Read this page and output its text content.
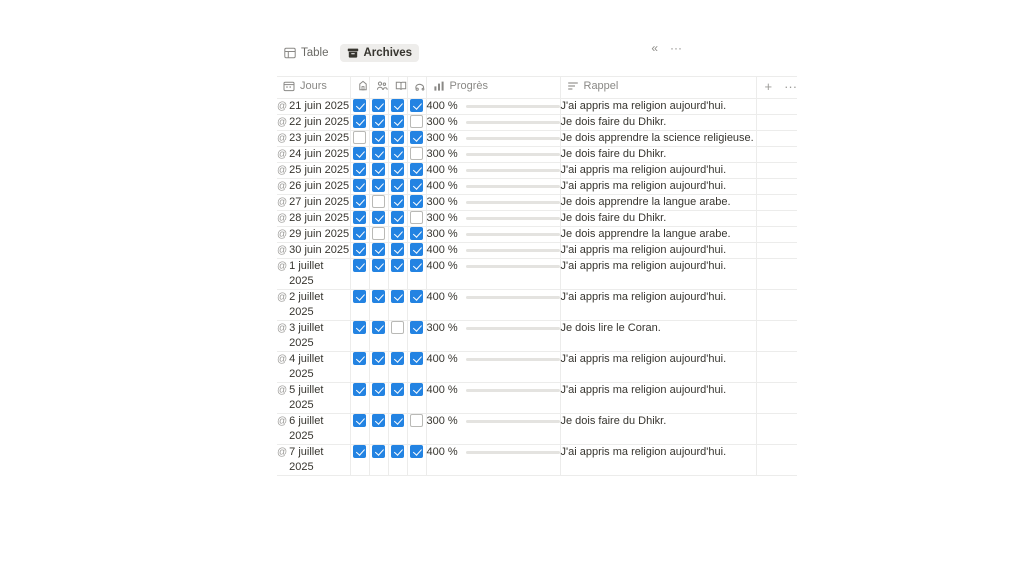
Table	Archives	« ···
Jours					Progrès	Rappel	+ ···

@ 21 juin 2025					400 %	J'ai appris ma religion aujourd'hui.	

@ 22 juin 2025					300 %	Je dois faire du Dhikr.	

@ 23 juin 2025					300 %	Je dois apprendre la science religieuse.	

@ 24 juin 2025					300 %	Je dois faire du Dhikr.	

@ 25 juin 2025					400 %	J'ai appris ma religion aujourd'hui.	

@ 26 juin 2025					400 %	J'ai appris ma religion aujourd'hui.	

@ 27 juin 2025					300 %	Je dois apprendre la langue arabe.	

@ 28 juin 2025					300 %	Je dois faire du Dhikr.	

@ 29 juin 2025					300 %	Je dois apprendre la langue arabe.	

@ 30 juin 2025					400 %	J'ai appris ma religion aujourd'hui.	

@ 1 juillet 2025					400 %	J'ai appris ma religion aujourd'hui.	

@ 2 juillet 2025					400 %	J'ai appris ma religion aujourd'hui.	

@ 3 juillet 2025					300 %	Je dois lire le Coran.	

@ 4 juillet 2025					400 %	J'ai appris ma religion aujourd'hui.	

@ 5 juillet 2025					400 %	J'ai appris ma religion aujourd'hui.	

@ 6 juillet 2025					300 %	Je dois faire du Dhikr.	

@ 7 juillet 2025					400 %	J'ai appris ma religion aujourd'hui.	
